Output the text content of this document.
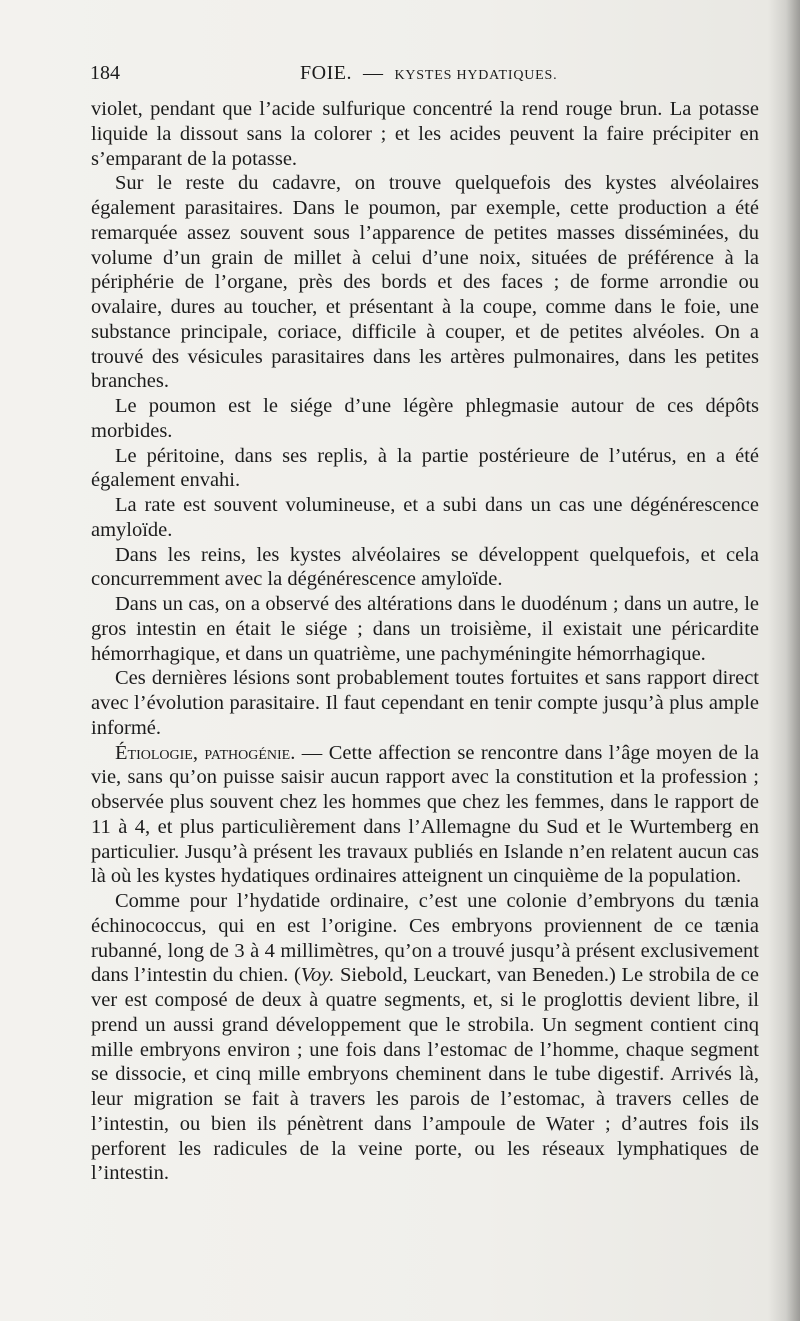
184	FOIE. — KYSTES HYDATIQUES.

violet, pendant que l’acide sulfurique concentré la rend rouge brun. La potasse liquide la dissout sans la colorer ; et les acides peuvent la faire précipiter en s’emparant de la potasse.

Sur le reste du cadavre, on trouve quelquefois des kystes alvéolaires également parasitaires. Dans le poumon, par exemple, cette production a été remarquée assez souvent sous l’apparence de petites masses disséminées, du volume d’un grain de millet à celui d’une noix, situées de préférence à la périphérie de l’organe, près des bords et des faces ; de forme arrondie ou ovalaire, dures au toucher, et présentant à la coupe, comme dans le foie, une substance principale, coriace, difficile à couper, et de petites alvéoles. On a trouvé des vésicules parasitaires dans les artères pulmonaires, dans les petites branches.

Le poumon est le siége d’une légère phlegmasie autour de ces dépôts morbides.

Le péritoine, dans ses replis, à la partie postérieure de l’utérus, en a été également envahi.

La rate est souvent volumineuse, et a subi dans un cas une dégénérescence amyloïde.

Dans les reins, les kystes alvéolaires se développent quelquefois, et cela concurremment avec la dégénérescence amyloïde.

Dans un cas, on a observé des altérations dans le duodénum ; dans un autre, le gros intestin en était le siége ; dans un troisième, il existait une péricardite hémorrhagique, et dans un quatrième, une pachyméningite hémorrhagique.

Ces dernières lésions sont probablement toutes fortuites et sans rapport direct avec l’évolution parasitaire. Il faut cependant en tenir compte jusqu’à plus ample informé.

Étiologie, pathogénie. — Cette affection se rencontre dans l’âge moyen de la vie, sans qu’on puisse saisir aucun rapport avec la constitution et la profession ; observée plus souvent chez les hommes que chez les femmes, dans le rapport de 11 à 4, et plus particulièrement dans l’Allemagne du Sud et le Wurtemberg en particulier. Jusqu’à présent les travaux publiés en Islande n’en relatent aucun cas là où les kystes hydatiques ordinaires atteignent un cinquième de la population.

Comme pour l’hydatide ordinaire, c’est une colonie d’embryons du tænia échinococcus, qui en est l’origine. Ces embryons proviennent de ce tænia rubanné, long de 3 à 4 millimètres, qu’on a trouvé jusqu’à présent exclusivement dans l’intestin du chien. (Voy. Siebold, Leuckart, van Beneden.) Le strobila de ce ver est composé de deux à quatre segments, et, si le proglottis devient libre, il prend un aussi grand développement que le strobila. Un segment contient cinq mille embryons environ ; une fois dans l’estomac de l’homme, chaque segment se dissocie, et cinq mille embryons cheminent dans le tube digestif. Arrivés là, leur migration se fait à travers les parois de l’estomac, à travers celles de l’intestin, ou bien ils pénètrent dans l’ampoule de Water ; d’autres fois ils perforent les radicules de la veine porte, ou les réseaux lymphatiques de l’intestin.
